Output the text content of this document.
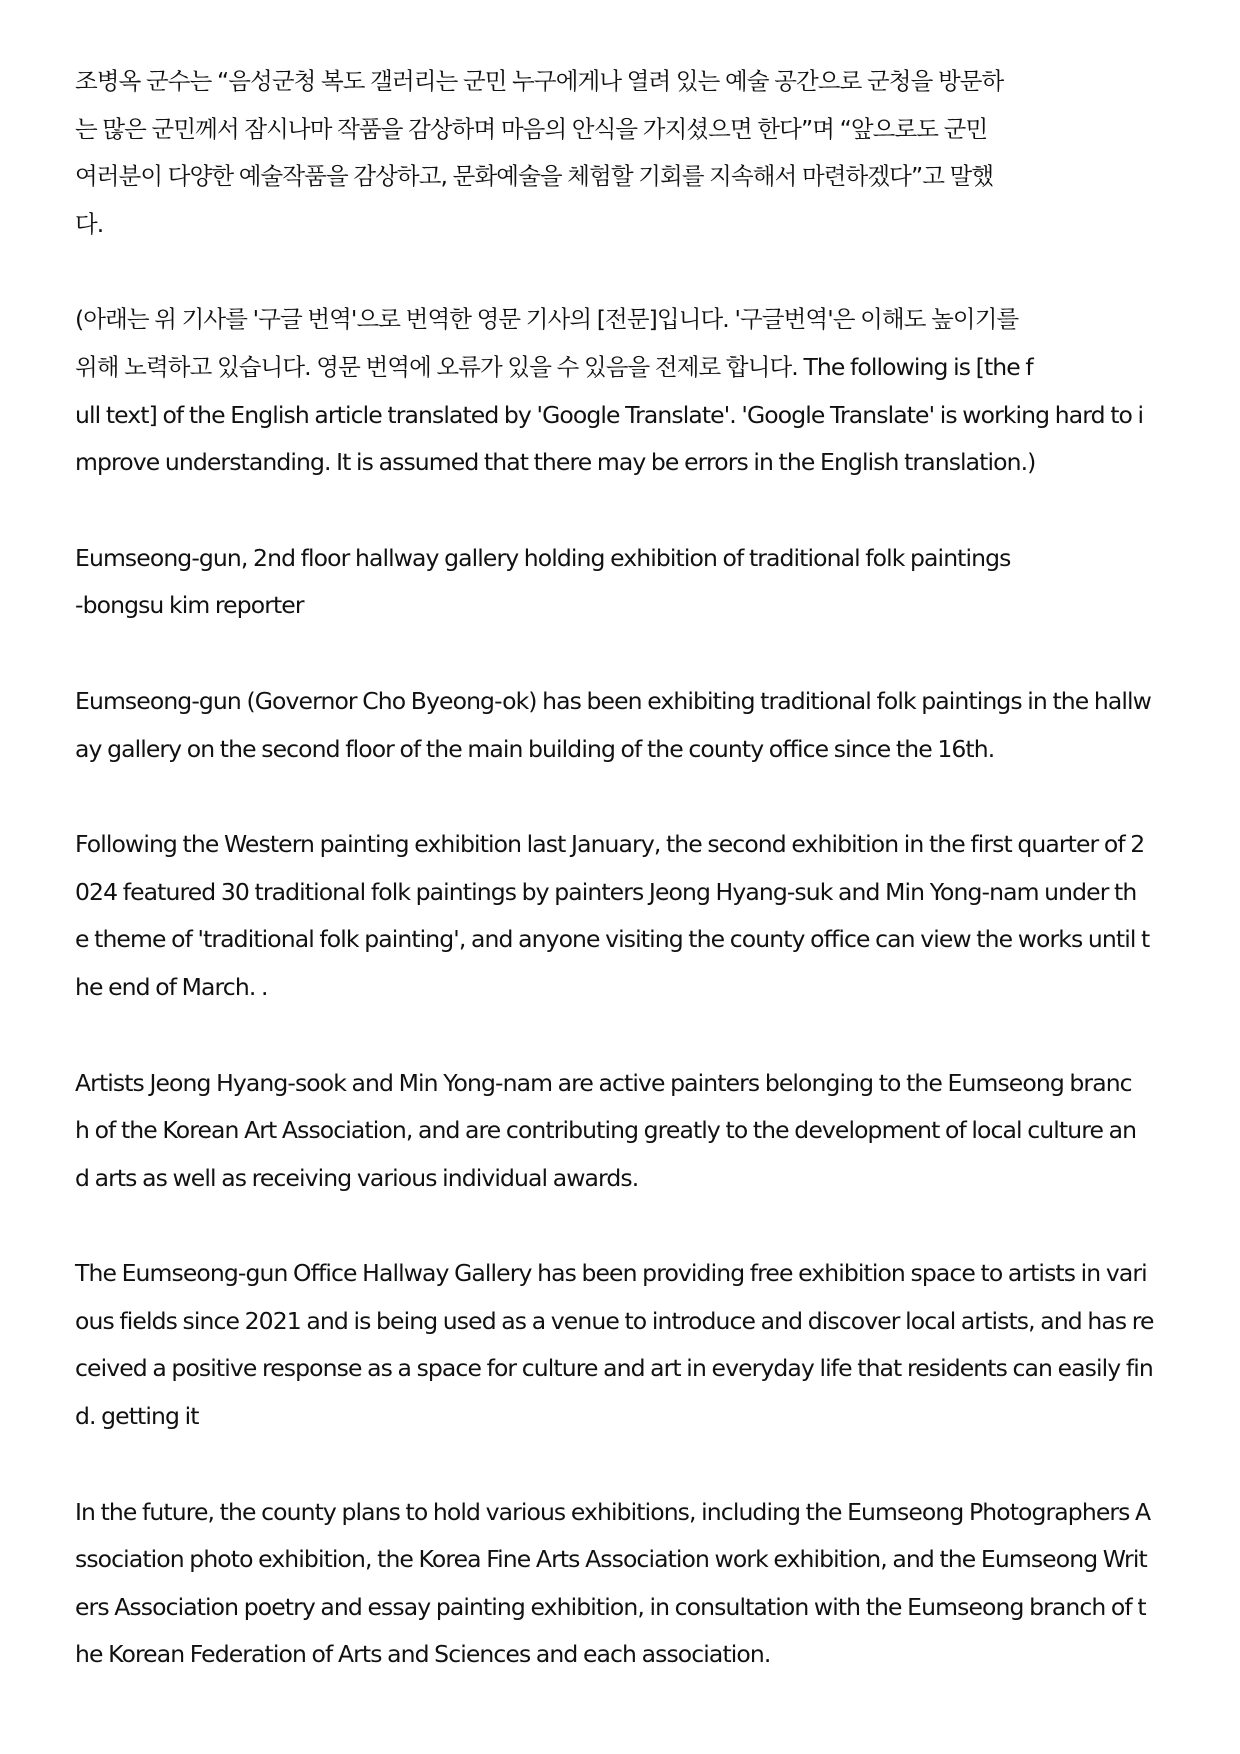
조병옥 군수는 “음성군청 복도 갤러리는 군민 누구에게나 열려 있는 예술 공간으로 군청을 방문하
는 많은 군민께서 잠시나마 작품을 감상하며 마음의 안식을 가지셨으면 한다”며 “앞으로도 군민
여러분이 다양한 예술작품을 감상하고, 문화예술을 체험할 기회를 지속해서 마련하겠다”고 말했
다.

(아래는 위 기사를 '구글 번역'으로 번역한 영문 기사의 [전문]입니다. '구글번역'은 이해도 높이기를
위해 노력하고 있습니다. 영문 번역에 오류가 있을 수 있음을 전제로 합니다. The following is [the f
ull text] of the English article translated by 'Google Translate'. 'Google Translate' is working hard to i
mprove understanding. It is assumed that there may be errors in the English translation.)

Eumseong-gun, 2nd floor hallway gallery holding exhibition of traditional folk paintings
-bongsu kim reporter

Eumseong-gun (Governor Cho Byeong-ok) has been exhibiting traditional folk paintings in the hallw
ay gallery on the second floor of the main building of the county office since the 16th.

Following the Western painting exhibition last January, the second exhibition in the first quarter of 2
024 featured 30 traditional folk paintings by painters Jeong Hyang-suk and Min Yong-nam under th
e theme of 'traditional folk painting', and anyone visiting the county office can view the works until t
he end of March. .

Artists Jeong Hyang-sook and Min Yong-nam are active painters belonging to the Eumseong branc
h of the Korean Art Association, and are contributing greatly to the development of local culture an
d arts as well as receiving various individual awards.

The Eumseong-gun Office Hallway Gallery has been providing free exhibition space to artists in vari
ous fields since 2021 and is being used as a venue to introduce and discover local artists, and has re
ceived a positive response as a space for culture and art in everyday life that residents can easily fin
d. getting it

In the future, the county plans to hold various exhibitions, including the Eumseong Photographers A
ssociation photo exhibition, the Korea Fine Arts Association work exhibition, and the Eumseong Writ
ers Association poetry and essay painting exhibition, in consultation with the Eumseong branch of t
he Korean Federation of Arts and Sciences and each association.
